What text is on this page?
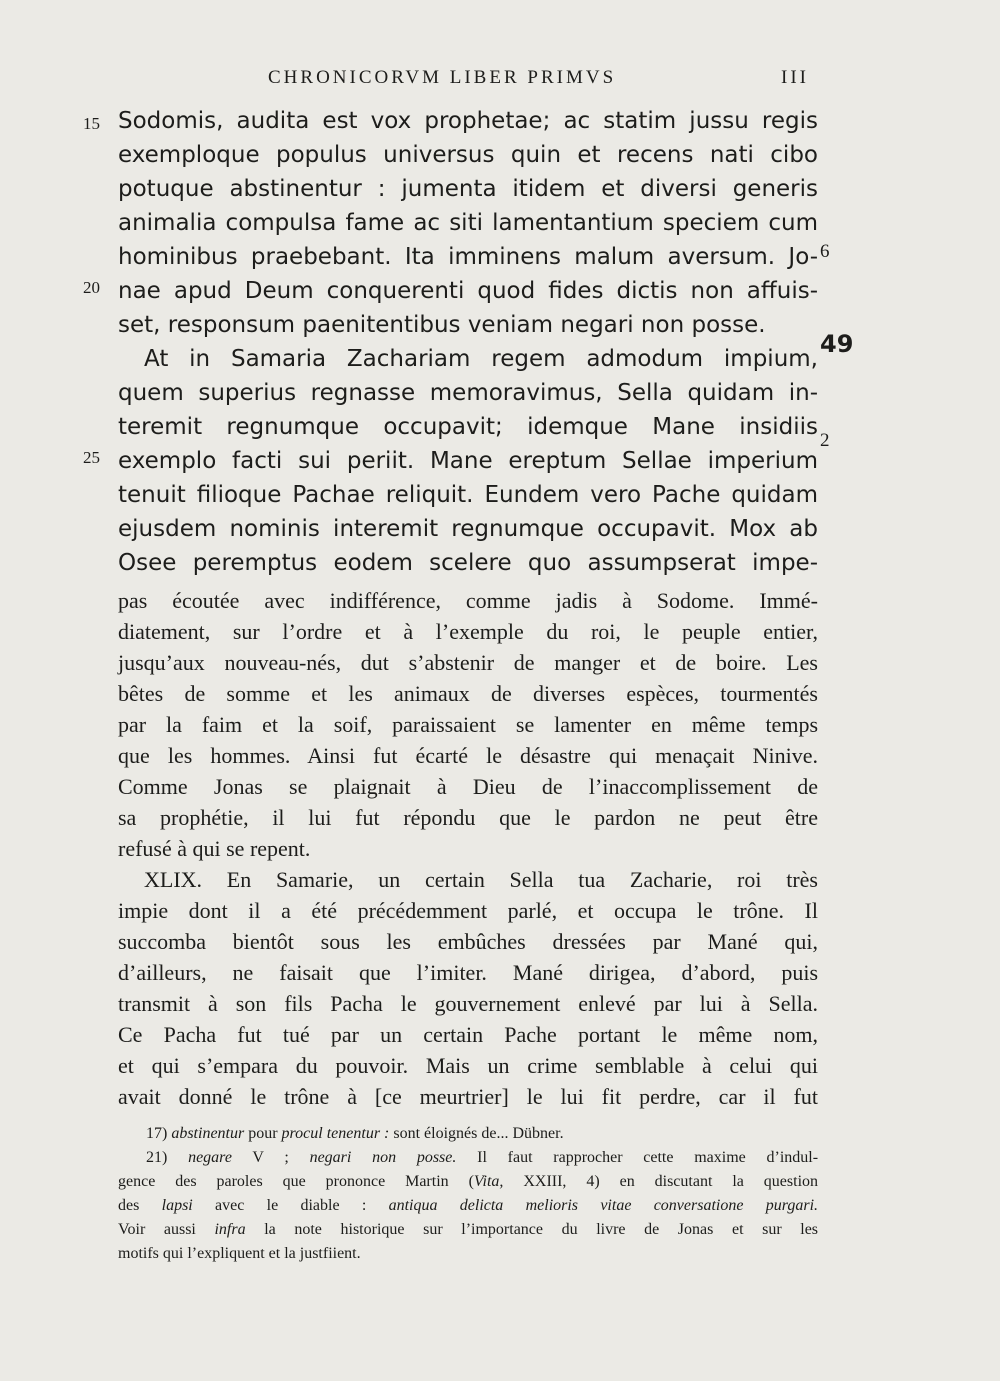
CHRONICORVM LIBER PRIMVS	III
15
20
25
6
49
2
Sodomis, audita est vox prophetae; ac statim jussu regis
exemploque populus universus quin et recens nati cibo
potuque abstinentur : jumenta itidem et diversi generis
animalia compulsa fame ac siti lamentantium speciem cum
hominibus praebebant. Ita imminens malum aversum. Jo-
nae apud Deum conquerenti quod fides dictis non affuis-
set, responsum paenitentibus veniam negari non posse.
At in Samaria Zachariam regem admodum impium,
quem superius regnasse memoravimus, Sella quidam in-
teremit regnumque occupavit; idemque Mane insidiis
exemplo facti sui periit. Mane ereptum Sellae imperium
tenuit filioque Pachae reliquit. Eundem vero Pache quidam
ejusdem nominis interemit regnumque occupavit. Mox ab
Osee peremptus eodem scelere quo assumpserat impe-
pas écoutée avec indifférence, comme jadis à Sodome. Immé-
diatement, sur l’ordre et à l’exemple du roi, le peuple entier,
jusqu’aux nouveau-nés, dut s’abstenir de manger et de boire. Les
bêtes de somme et les animaux de diverses espèces, tourmentés
par la faim et la soif, paraissaient se lamenter en même temps
que les hommes. Ainsi fut écarté le désastre qui menaçait Ninive.
Comme Jonas se plaignait à Dieu de l’inaccomplissement de
sa prophétie, il lui fut répondu que le pardon ne peut être
refusé à qui se repent.
XLIX. En Samarie, un certain Sella tua Zacharie, roi très
impie dont il a été précédemment parlé, et occupa le trône. Il
succomba bientôt sous les embûches dressées par Mané qui,
d’ailleurs, ne faisait que l’imiter. Mané dirigea, d’abord, puis
transmit à son fils Pacha le gouvernement enlevé par lui à Sella.
Ce Pacha fut tué par un certain Pache portant le même nom,
et qui s’empara du pouvoir. Mais un crime semblable à celui qui
avait donné le trône à [ce meurtrier] le lui fit perdre, car il fut
17) abstinentur pour procul tenentur : sont éloignés de... Dübner.
21) negare V ; negari non posse. Il faut rapprocher cette maxime d’indul-
gence des paroles que prononce Martin (Vita, XXIII, 4) en discutant la question
des lapsi avec le diable : antiqua delicta melioris vitae conversatione purgari.
Voir aussi infra la note historique sur l’importance du livre de Jonas et sur les
motifs qui l’expliquent et la justfiient.
